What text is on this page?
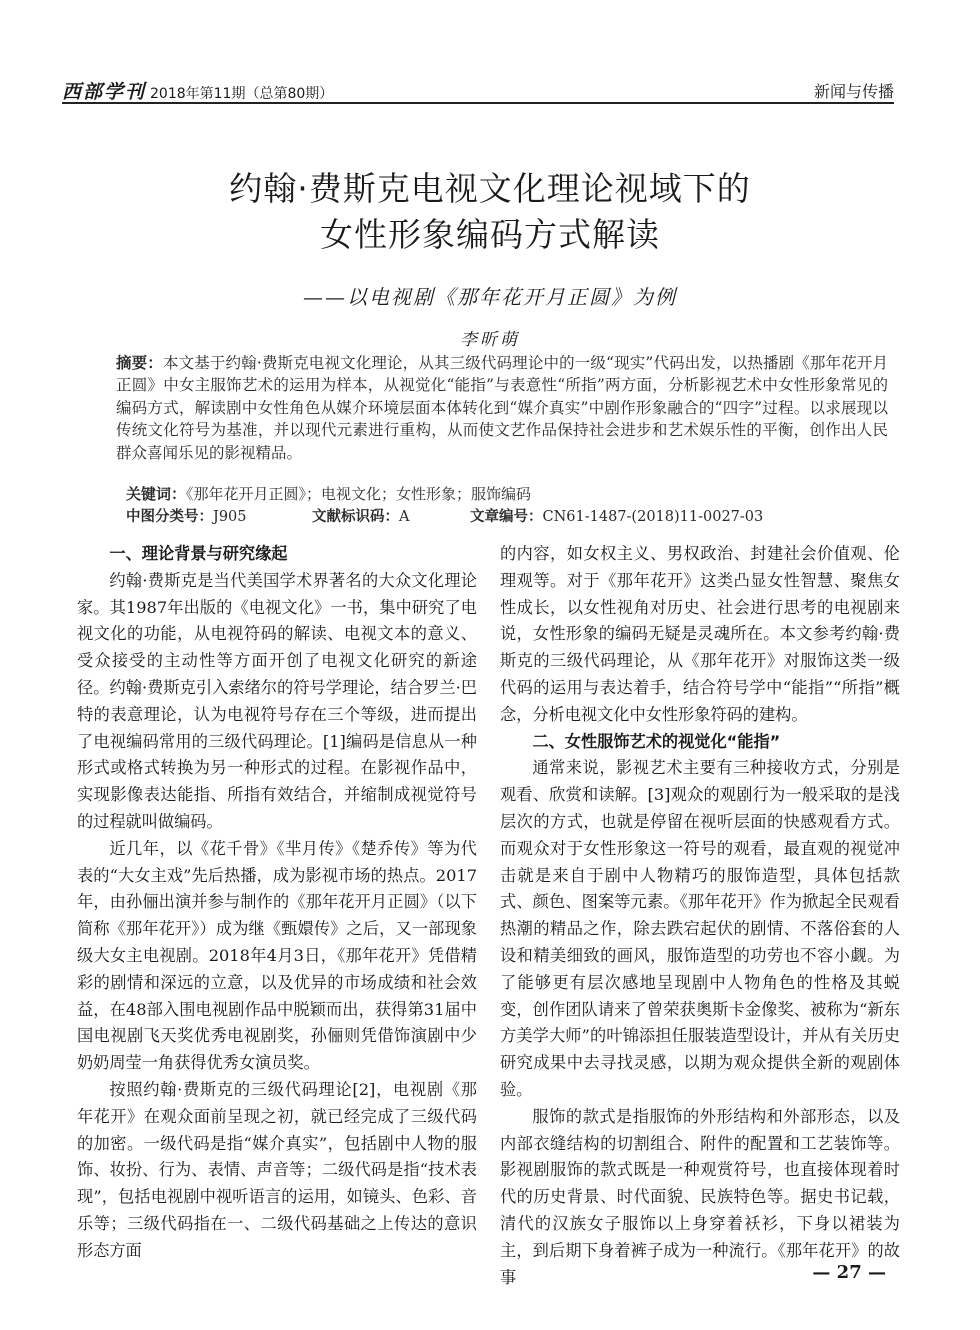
西部学刊 2018年第11期（总第80期）	新闻与传播
约翰·费斯克电视文化理论视域下的
女性形象编码方式解读
——以电视剧《那年花开月正圆》为例
李昕萌
摘要：本文基于约翰·费斯克电视文化理论，从其三级代码理论中的一级“现实”代码出发，以热播剧《那年花开月正圆》中女主服饰艺术的运用为样本，从视觉化“能指”与表意性“所指”两方面，分析影视艺术中女性形象常见的编码方式，解读剧中女性角色从媒介环境层面本体转化到“媒介真实”中剧作形象融合的“四字”过程。以求展现以传统文化符号为基准，并以现代元素进行重构，从而使文艺作品保持社会进步和艺术娱乐性的平衡，创作出人民群众喜闻乐见的影视精品。
关键词：《那年花开月正圆》；电视文化；女性形象；服饰编码
中图分类号：J905	文献标识码：A	文章编号：CN61-1487-(2018)11-0027-03
一、理论背景与研究缘起

约翰·费斯克是当代美国学术界著名的大众文化理论家。其1987年出版的《电视文化》一书，集中研究了电视文化的功能，从电视符码的解读、电视文本的意义、受众接受的主动性等方面开创了电视文化研究的新途径。约翰·费斯克引入索绪尔的符号学理论，结合罗兰·巴特的表意理论，认为电视符号存在三个等级，进而提出了电视编码常用的三级代码理论。[1]编码是信息从一种形式或格式转换为另一种形式的过程。在影视作品中，实现影像表达能指、所指有效结合，并缩制成视觉符号的过程就叫做编码。

近几年，以《花千骨》《芈月传》《楚乔传》等为代表的“大女主戏”先后热播，成为影视市场的热点。2017年，由孙俪出演并参与制作的《那年花开月正圆》（以下简称《那年花开》）成为继《甄嬛传》之后，又一部现象级大女主电视剧。2018年4月3日，《那年花开》凭借精彩的剧情和深远的立意，以及优异的市场成绩和社会效益，在48部入围电视剧作品中脱颖而出，获得第31届中国电视剧飞天奖优秀电视剧奖，孙俪则凭借饰演剧中少奶奶周莹一角获得优秀女演员奖。

按照约翰·费斯克的三级代码理论[2]，电视剧《那年花开》在观众面前呈现之初，就已经完成了三级代码的加密。一级代码是指“媒介真实”，包括剧中人物的服饰、妆扮、行为、表情、声音等；二级代码是指“技术表现”，包括电视剧中视听语言的运用，如镜头、色彩、音乐等；三级代码指在一、二级代码基础之上传达的意识形态方面

的内容，如女权主义、男权政治、封建社会价值观、伦理观等。对于《那年花开》这类凸显女性智慧、聚焦女性成长，以女性视角对历史、社会进行思考的电视剧来说，女性形象的编码无疑是灵魂所在。本文参考约翰·费斯克的三级代码理论，从《那年花开》对服饰这类一级代码的运用与表达着手，结合符号学中“能指”“所指”概念，分析电视文化中女性形象符码的建构。

二、女性服饰艺术的视觉化“能指”

通常来说，影视艺术主要有三种接收方式，分别是观看、欣赏和读解。[3]观众的观剧行为一般采取的是浅层次的方式，也就是停留在视听层面的快感观看方式。而观众对于女性形象这一符号的观看，最直观的视觉冲击就是来自于剧中人物精巧的服饰造型，具体包括款式、颜色、图案等元素。《那年花开》作为掀起全民观看热潮的精品之作，除去跌宕起伏的剧情、不落俗套的人设和精美细致的画风，服饰造型的功劳也不容小觑。为了能够更有层次感地呈现剧中人物角色的性格及其蜕变，创作团队请来了曾荣获奥斯卡金像奖、被称为“新东方美学大师”的叶锦添担任服装造型设计，并从有关历史研究成果中去寻找灵感，以期为观众提供全新的观剧体验。

服饰的款式是指服饰的外形结构和外部形态，以及内部衣缝结构的切割组合、附件的配置和工艺装饰等。影视剧服饰的款式既是一种观赏符号，也直接体现着时代的历史背景、时代面貌、民族特色等。据史书记载，清代的汉族女子服饰以上身穿着袄衫，下身以裙装为主，到后期下身着裤子成为一种流行。《那年花开》的故事	— 27 —
